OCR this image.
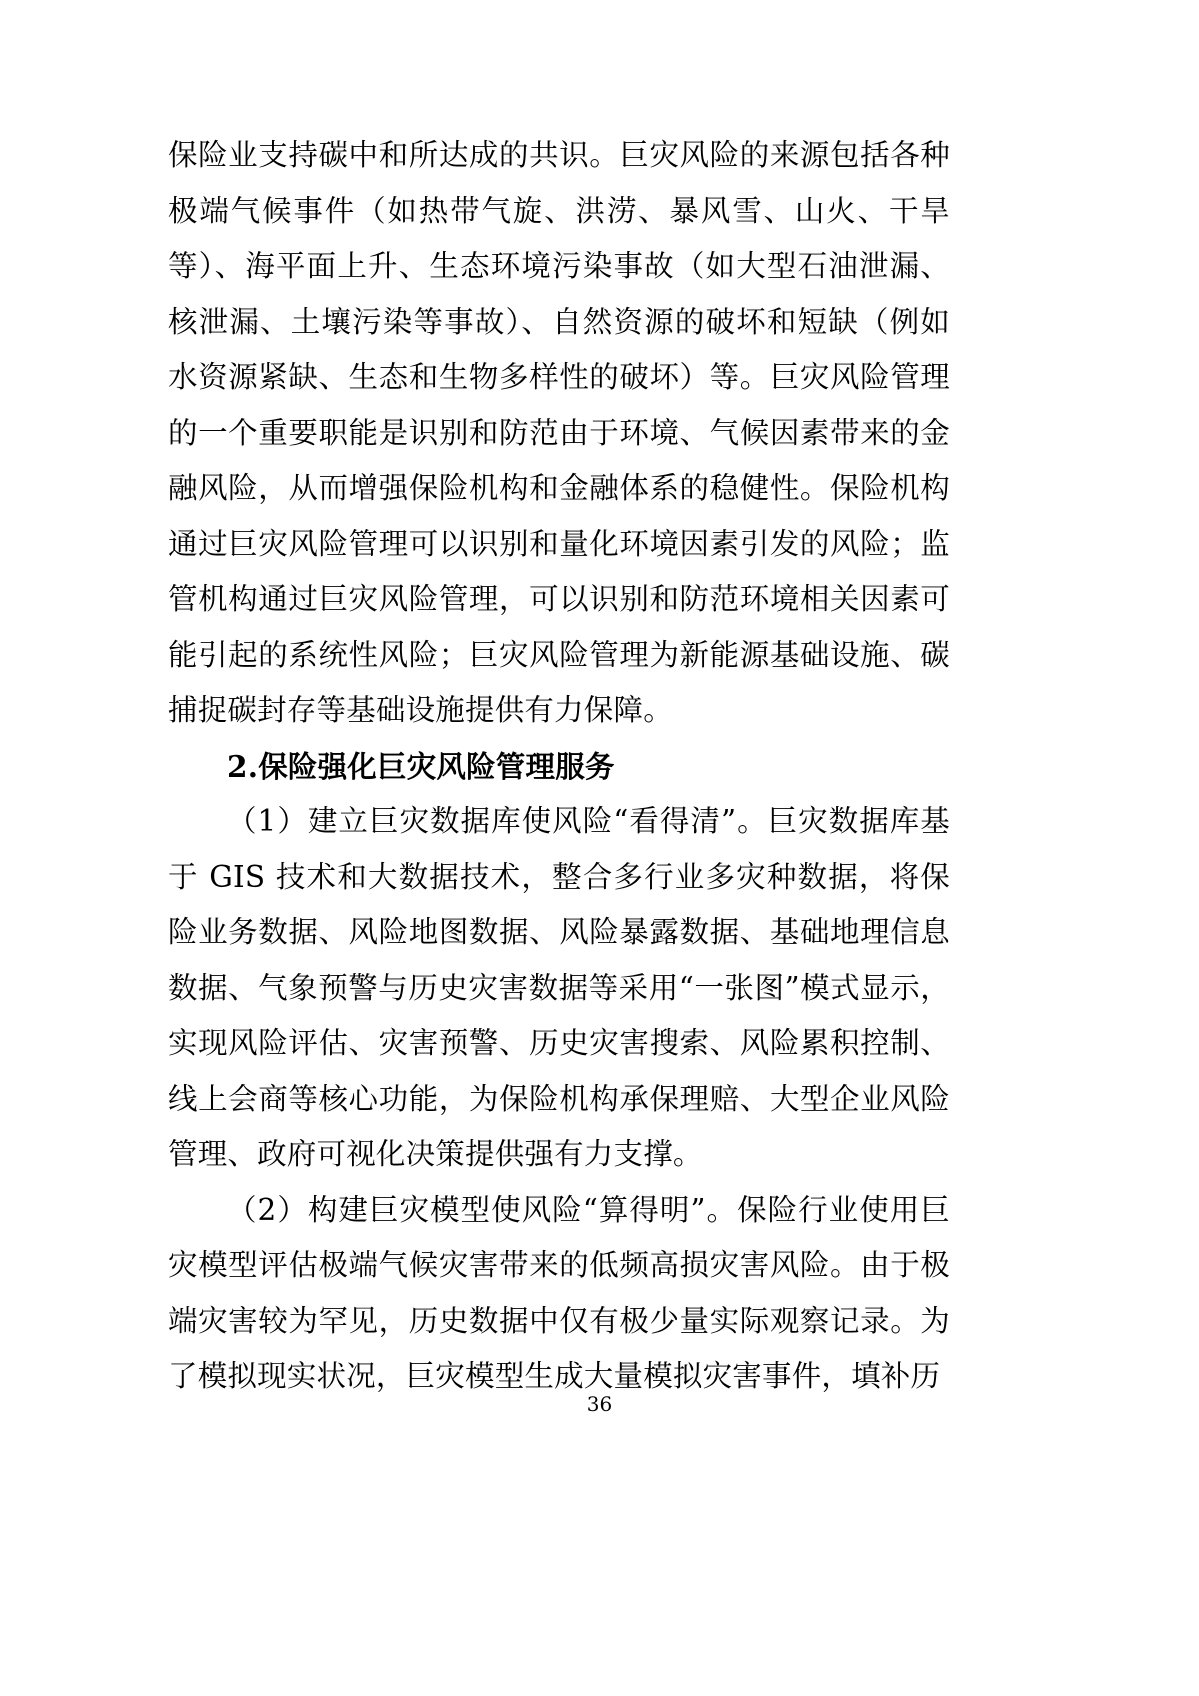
保险业支持碳中和所达成的共识。巨灾风险的来源包括各种极端气候事件（如热带气旋、洪涝、暴风雪、山火、干旱等）、海平面上升、生态环境污染事故（如大型石油泄漏、核泄漏、土壤污染等事故）、自然资源的破坏和短缺（例如水资源紧缺、生态和生物多样性的破坏）等。巨灾风险管理的一个重要职能是识别和防范由于环境、气候因素带来的金融风险，从而增强保险机构和金融体系的稳健性。保险机构通过巨灾风险管理可以识别和量化环境因素引发的风险；监管机构通过巨灾风险管理，可以识别和防范环境相关因素可能引起的系统性风险；巨灾风险管理为新能源基础设施、碳捕捉碳封存等基础设施提供有力保障。

2.保险强化巨灾风险管理服务

（1）建立巨灾数据库使风险“看得清”。巨灾数据库基于 GIS 技术和大数据技术，整合多行业多灾种数据，将保险业务数据、风险地图数据、风险暴露数据、基础地理信息数据、气象预警与历史灾害数据等采用“一张图”模式显示，实现风险评估、灾害预警、历史灾害搜索、风险累积控制、线上会商等核心功能，为保险机构承保理赔、大型企业风险管理、政府可视化决策提供强有力支撑。

（2）构建巨灾模型使风险“算得明”。保险行业使用巨灾模型评估极端气候灾害带来的低频高损灾害风险。由于极端灾害较为罕见，历史数据中仅有极少量实际观察记录。为了模拟现实状况，巨灾模型生成大量模拟灾害事件，填补历

36
